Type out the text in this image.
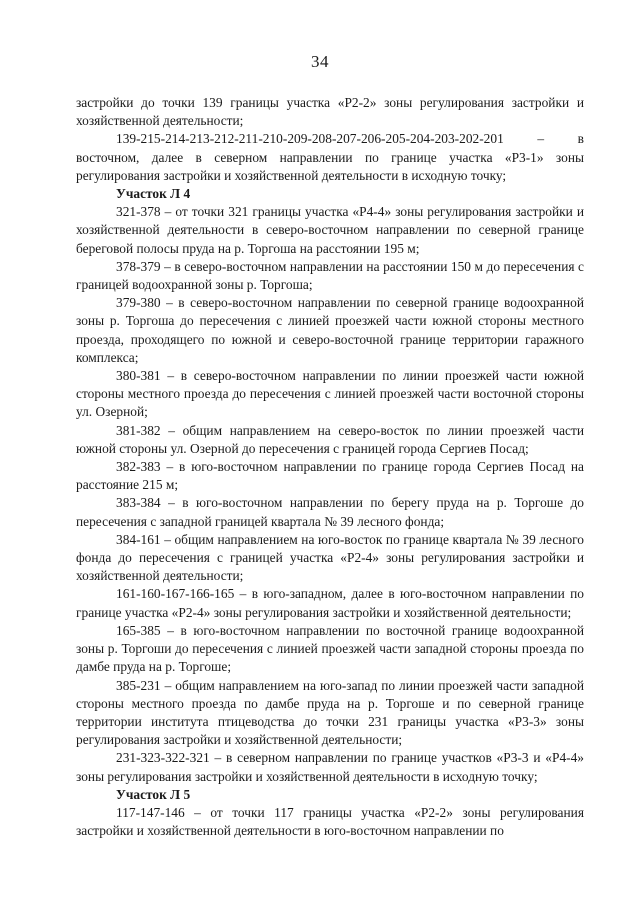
34

застройки до точки 139 границы участка «Р2-2» зоны регулирования застройки и хозяйственной деятельности;

139-215-214-213-212-211-210-209-208-207-206-205-204-203-202-201 – в восточном, далее в северном направлении по границе участка «Р3-1» зоны регулирования застройки и хозяйственной деятельности в исходную точку;

Участок Л 4

321-378 – от точки 321 границы участка «Р4-4» зоны регулирования застройки и хозяйственной деятельности в северо-восточном направлении по северной границе береговой полосы пруда на р. Торгоша на расстоянии 195 м;

378-379 – в северо-восточном направлении на расстоянии 150 м до пересечения с границей водоохранной зоны р. Торгоша;

379-380 – в северо-восточном направлении по северной границе водоохранной зоны р. Торгоша до пересечения с линией проезжей части южной стороны местного проезда, проходящего по южной и северо-восточной границе территории гаражного комплекса;

380-381 – в северо-восточном направлении по линии проезжей части южной стороны местного проезда до пересечения с линией проезжей части восточной стороны ул. Озерной;

381-382 – общим направлением на северо-восток по линии проезжей части южной стороны ул. Озерной до пересечения с границей города Сергиев Посад;

382-383 – в юго-восточном направлении по границе города Сергиев Посад на расстояние 215 м;

383-384 – в юго-восточном направлении по берегу пруда на р. Торгоше до пересечения с западной границей квартала № 39 лесного фонда;

384-161 – общим направлением на юго-восток по границе квартала № 39 лесного фонда до пересечения с границей участка «Р2-4» зоны регулирования застройки и хозяйственной деятельности;

161-160-167-166-165 – в юго-западном, далее в юго-восточном направлении по границе участка «Р2-4» зоны регулирования застройки и хозяйственной деятельности;

165-385 – в юго-восточном направлении по восточной границе водоохранной зоны р. Торгоши до пересечения с линией проезжей части западной стороны проезда по дамбе пруда на р. Торгоше;

385-231 – общим направлением на юго-запад по линии проезжей части западной стороны местного проезда по дамбе пруда на р. Торгоше и по северной границе территории института птицеводства до точки 231 границы участка «Р3-3» зоны регулирования застройки и хозяйственной деятельности;

231-323-322-321 – в северном направлении по границе участков «Р3-3 и «Р4-4» зоны регулирования застройки и хозяйственной деятельности в исходную точку;

Участок Л 5

117-147-146 – от точки 117 границы участка «Р2-2» зоны регулирования застройки и хозяйственной деятельности в юго-восточном направлении по
